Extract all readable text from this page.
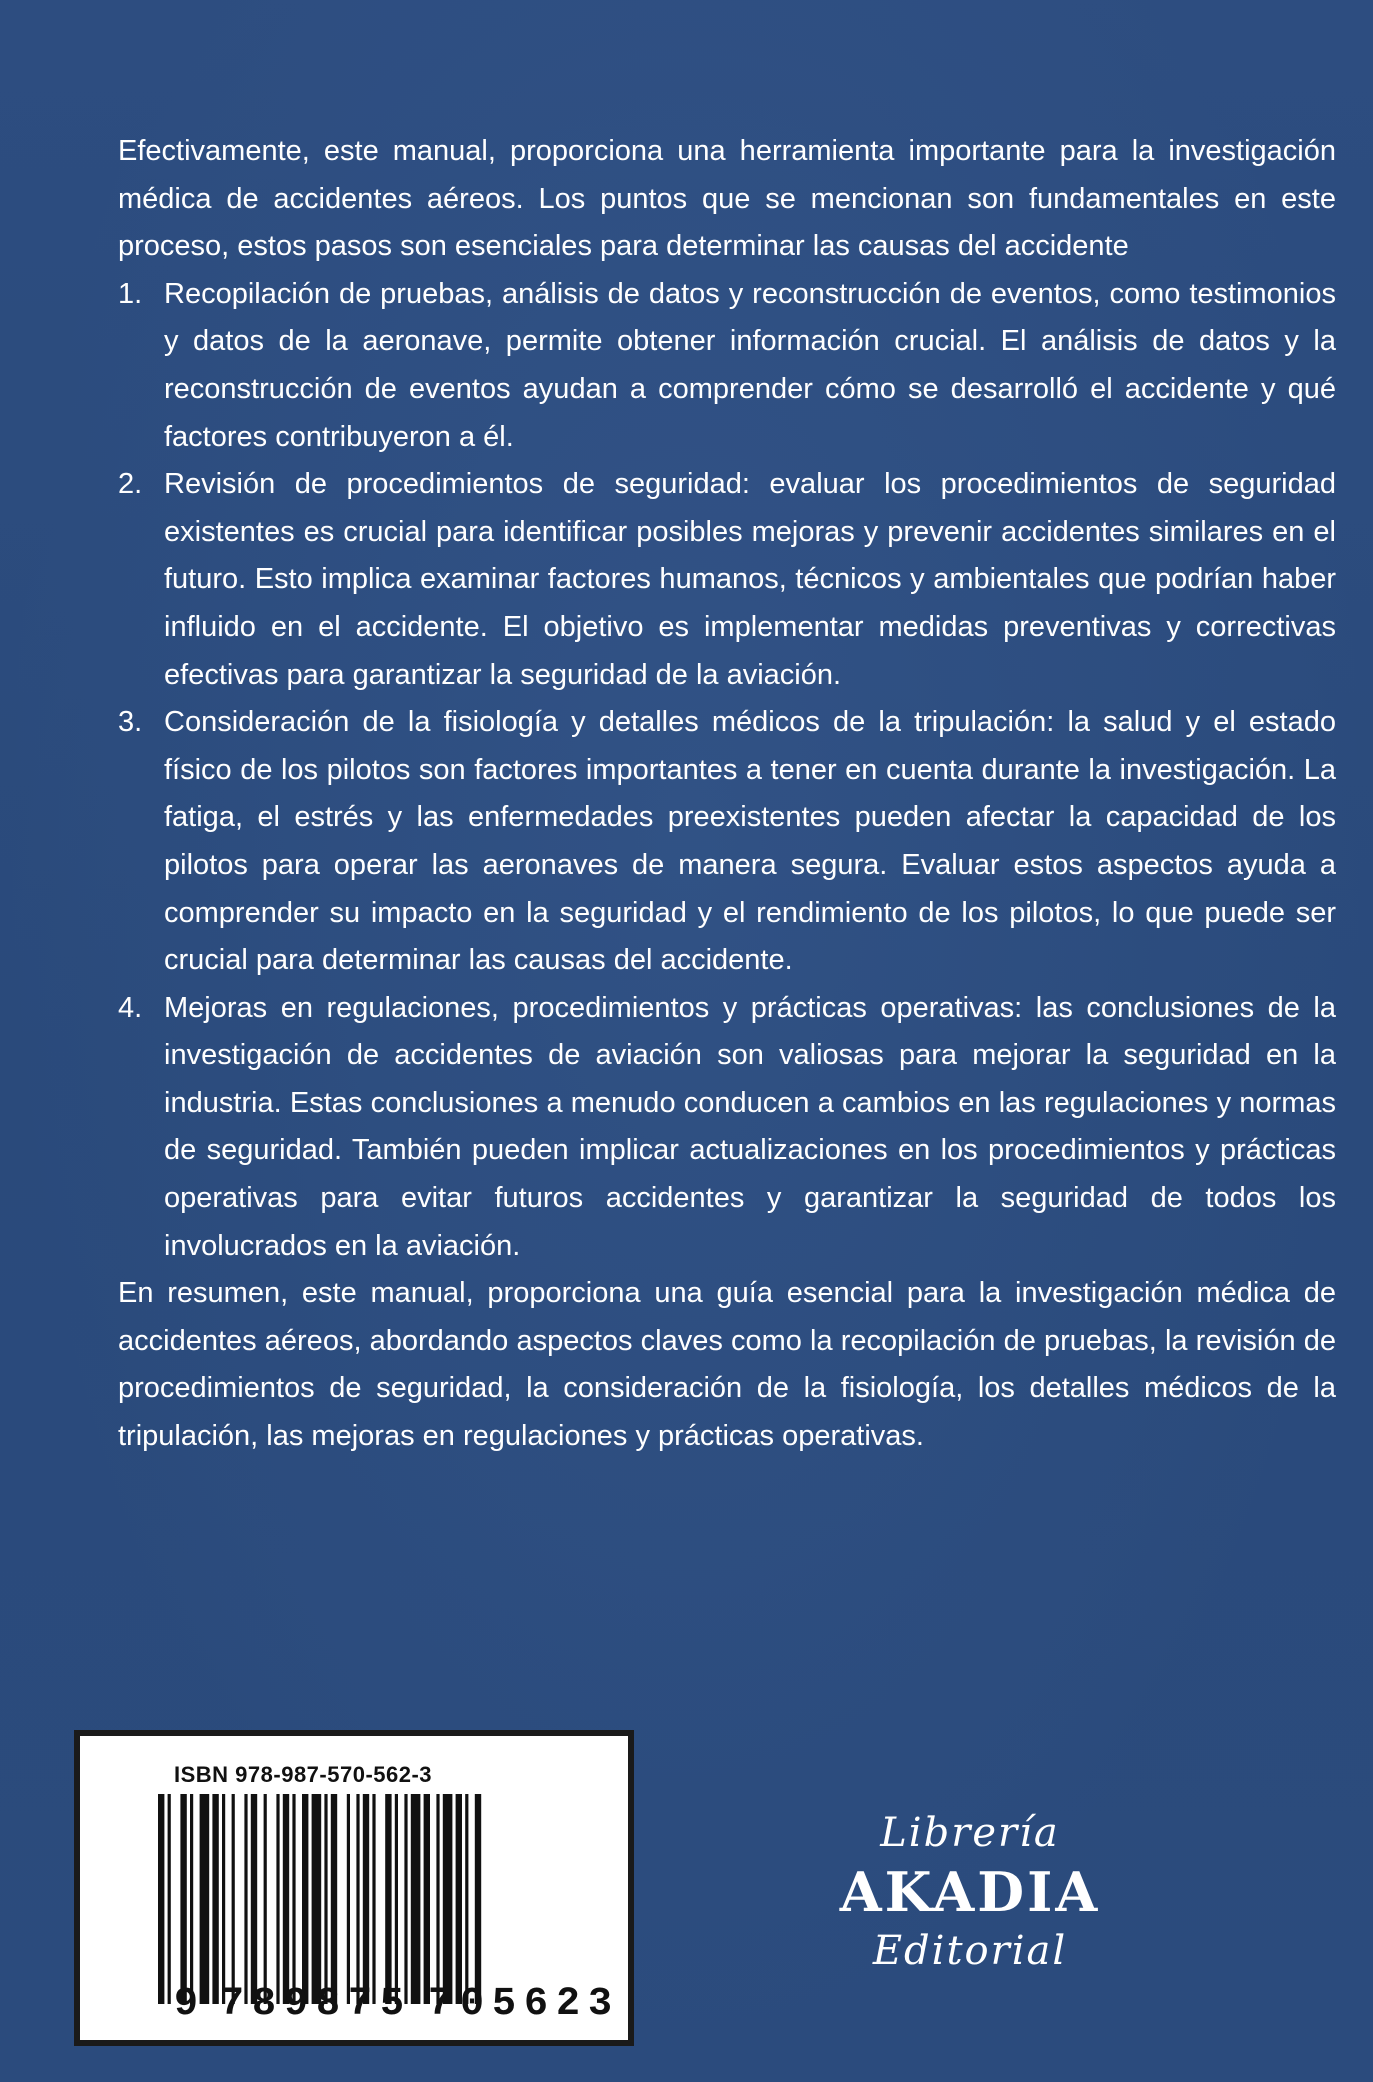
Efectivamente, este manual, proporciona una herramienta importante para la investigación médica de accidentes aéreos. Los puntos que se mencionan son fundamentales en este proceso, estos pasos son esenciales para determinar las causas del accidente

1. Recopilación de pruebas, análisis de datos y reconstrucción de eventos, como testimonios y datos de la aeronave, permite obtener información crucial. El análisis de datos y la reconstrucción de eventos ayudan a comprender cómo se desarrolló el accidente y qué factores contribuyeron a él.
2. Revisión de procedimientos de seguridad: evaluar los procedimientos de seguridad existentes es crucial para identificar posibles mejoras y prevenir accidentes similares en el futuro. Esto implica examinar factores humanos, técnicos y ambientales que podrían haber influido en el accidente. El objetivo es implementar medidas preventivas y correctivas efectivas para garantizar la seguridad de la aviación.
3. Consideración de la fisiología y detalles médicos de la tripulación: la salud y el estado físico de los pilotos son factores importantes a tener en cuenta durante la investigación. La fatiga, el estrés y las enfermedades preexistentes pueden afectar la capacidad de los pilotos para operar las aeronaves de manera segura. Evaluar estos aspectos ayuda a comprender su impacto en la seguridad y el rendimiento de los pilotos, lo que puede ser crucial para determinar las causas del accidente.
4. Mejoras en regulaciones, procedimientos y prácticas operativas: las conclusiones de la investigación de accidentes de aviación son valiosas para mejorar la seguridad en la industria. Estas conclusiones a menudo conducen a cambios en las regulaciones y normas de seguridad. También pueden implicar actualizaciones en los procedimientos y prácticas operativas para evitar futuros accidentes y garantizar la seguridad de todos los involucrados en la aviación.

En resumen, este manual, proporciona una guía esencial para la investigación médica de accidentes aéreos, abordando aspectos claves como la recopilación de pruebas, la revisión de procedimientos de seguridad, la consideración de la fisiología, los detalles médicos de la tripulación, las mejoras en regulaciones y prácticas operativas.

ISBN 978-987-570-562-3
9 789875 705623
Librería
AKADIA
Editorial
